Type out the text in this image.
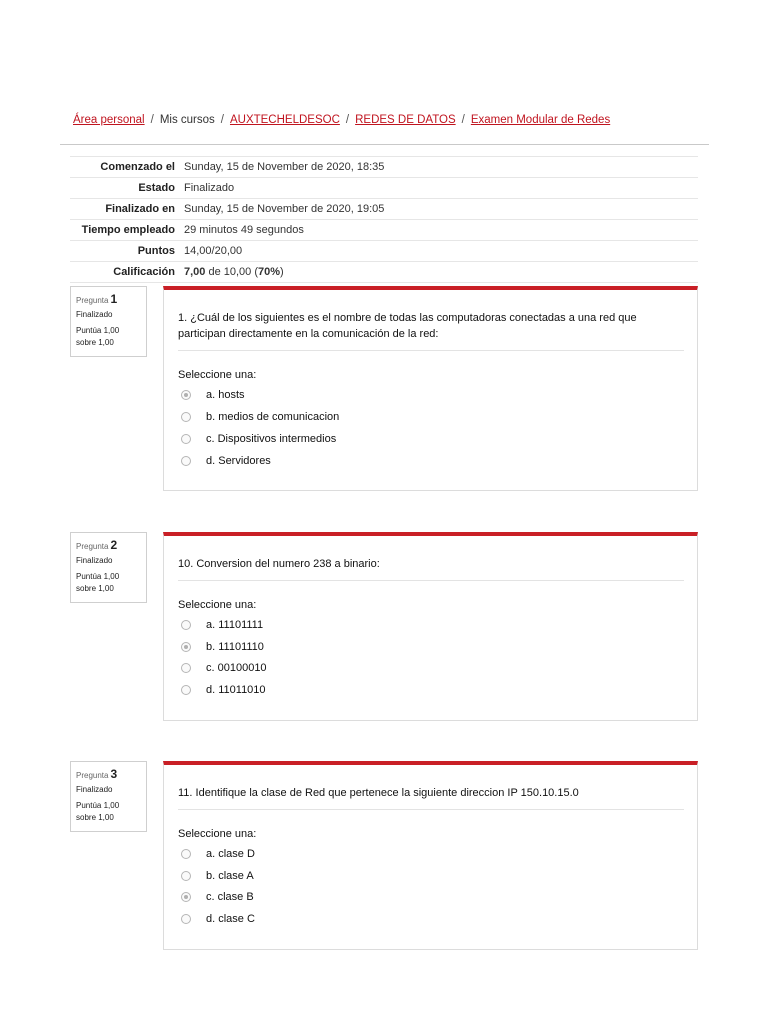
Área personal / Mis cursos / AUXTECHELDESOC / REDES DE DATOS / Examen Modular de Redes
Comenzado el	Sunday, 15 de November de 2020, 18:35
Estado	Finalizado
Finalizado en	Sunday, 15 de November de 2020, 19:05
Tiempo empleado	29 minutos 49 segundos
Puntos	14,00/20,00
Calificación	7,00 de 10,00 (70%)
Pregunta 1
Finalizado
Puntúa 1,00
sobre 1,00
1. ¿Cuál de los siguientes es el nombre de todas las computadoras conectadas a una red que participan directamente en la comunicación de la red:
Seleccione una:
a. hosts
b. medios de comunicacion
c. Dispositivos intermedios
d. Servidores
Pregunta 2
Finalizado
Puntúa 1,00
sobre 1,00
10. Conversion del numero 238 a binario:
Seleccione una:
a. 11101111
b. 11101110
c. 00100010
d. 11011010
Pregunta 3
Finalizado
Puntúa 1,00
sobre 1,00
11. Identifique la clase de Red que pertenece la siguiente direccion IP 150.10.15.0
Seleccione una:
a. clase D
b. clase A
c. clase B
d. clase C
